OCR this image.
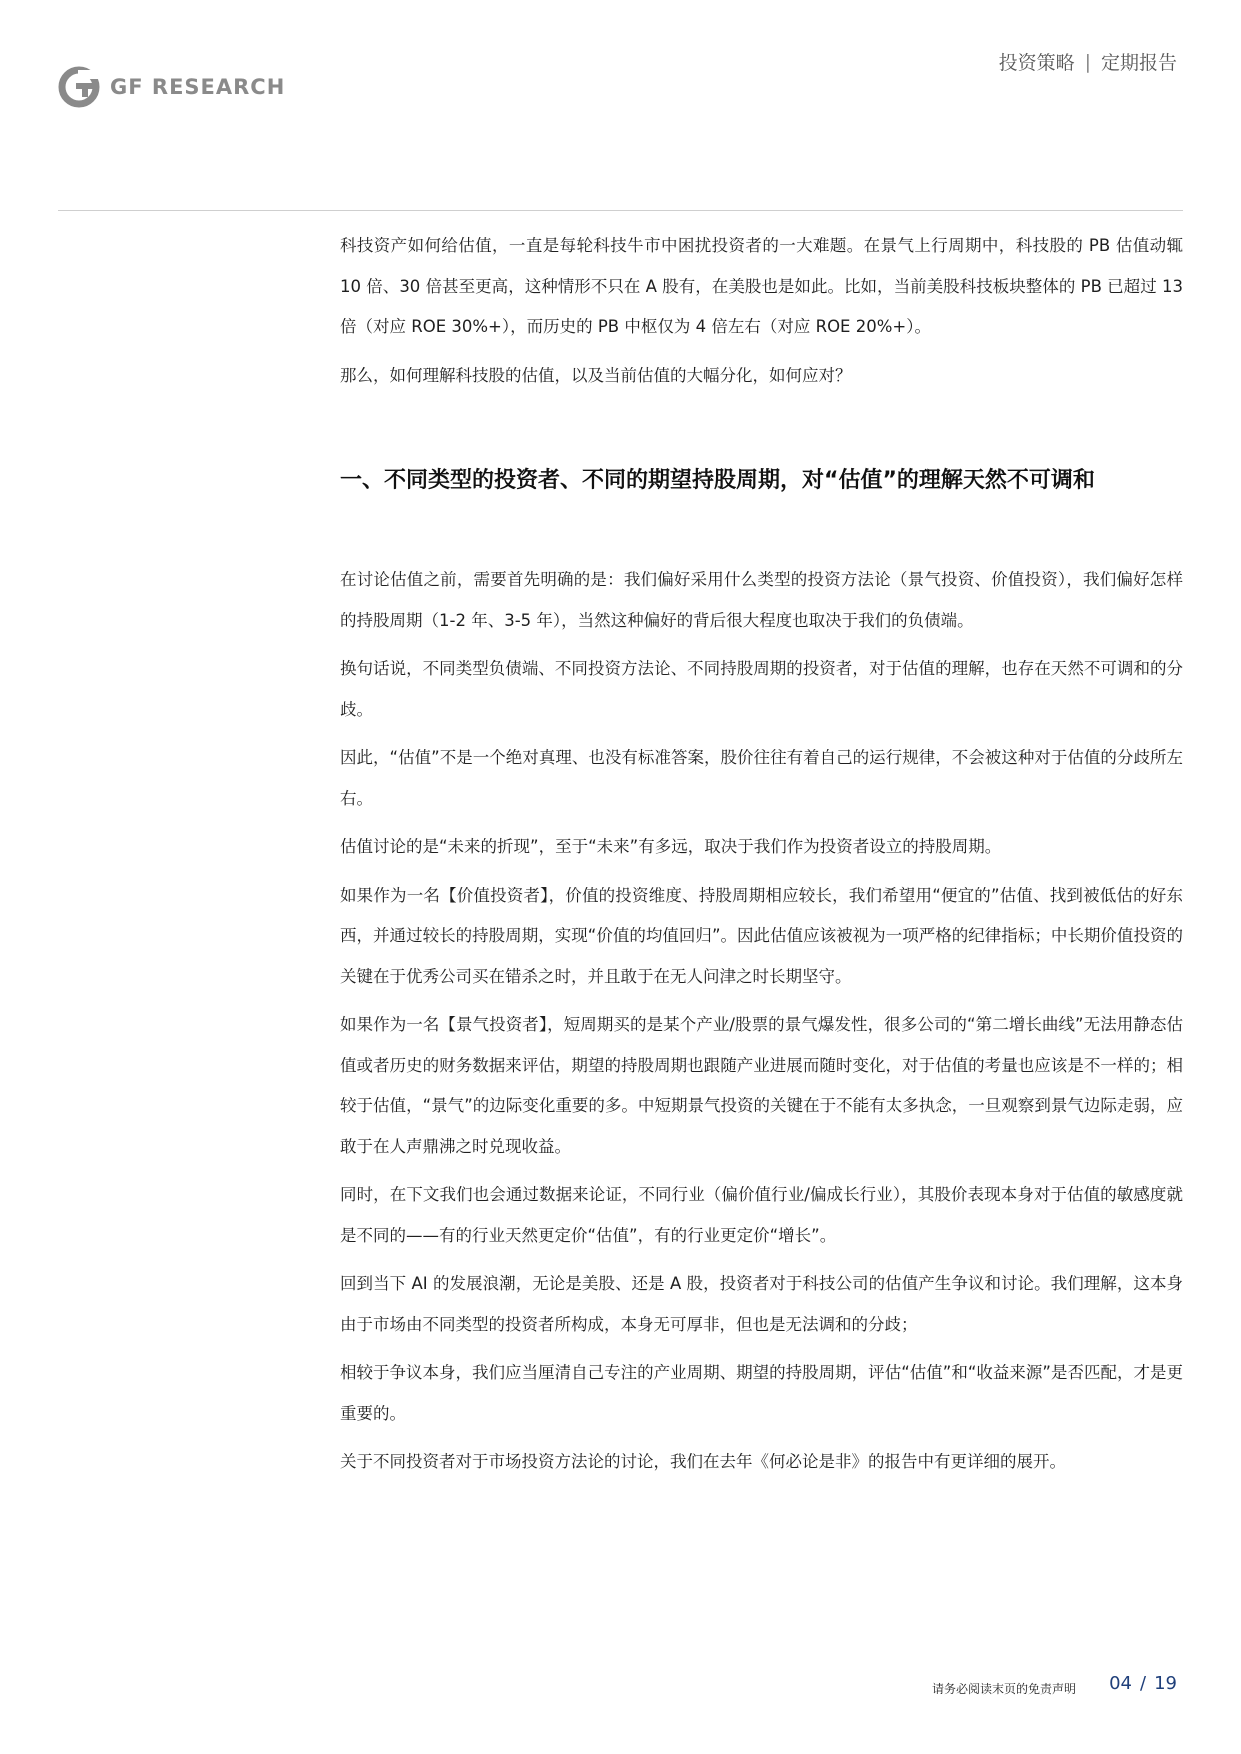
GF RESEARCH
投资策略 | 定期报告

科技资产如何给估值，一直是每轮科技牛市中困扰投资者的一大难题。在景气上行周期中，科技股的 PB 估值动辄 10 倍、30 倍甚至更高，这种情形不只在 A 股有，在美股也是如此。比如，当前美股科技板块整体的 PB 已超过 13 倍（对应 ROE 30%+），而历史的 PB 中枢仅为 4 倍左右（对应 ROE 20%+）。

那么，如何理解科技股的估值，以及当前估值的大幅分化，如何应对？

一、不同类型的投资者、不同的期望持股周期，对“估值”的理解天然不可调和

在讨论估值之前，需要首先明确的是：我们偏好采用什么类型的投资方法论（景气投资、价值投资），我们偏好怎样的持股周期（1-2 年、3-5 年），当然这种偏好的背后很大程度也取决于我们的负债端。

换句话说，不同类型负债端、不同投资方法论、不同持股周期的投资者，对于估值的理解，也存在天然不可调和的分歧。

因此，“估值”不是一个绝对真理、也没有标准答案，股价往往有着自己的运行规律，不会被这种对于估值的分歧所左右。

估值讨论的是“未来的折现”，至于“未来”有多远，取决于我们作为投资者设立的持股周期。

如果作为一名【价值投资者】，价值的投资维度、持股周期相应较长，我们希望用“便宜的”估值、找到被低估的好东西，并通过较长的持股周期，实现“价值的均值回归”。因此估值应该被视为一项严格的纪律指标；中长期价值投资的关键在于优秀公司买在错杀之时，并且敢于在无人问津之时长期坚守。

如果作为一名【景气投资者】，短周期买的是某个产业/股票的景气爆发性，很多公司的“第二增长曲线”无法用静态估值或者历史的财务数据来评估，期望的持股周期也跟随产业进展而随时变化，对于估值的考量也应该是不一样的；相较于估值，“景气”的边际变化重要的多。中短期景气投资的关键在于不能有太多执念，一旦观察到景气边际走弱，应敢于在人声鼎沸之时兑现收益。

同时，在下文我们也会通过数据来论证，不同行业（偏价值行业/偏成长行业），其股价表现本身对于估值的敏感度就是不同的——有的行业天然更定价“估值”，有的行业更定价“增长”。

回到当下 AI 的发展浪潮，无论是美股、还是 A 股，投资者对于科技公司的估值产生争议和讨论。我们理解，这本身由于市场由不同类型的投资者所构成，本身无可厚非，但也是无法调和的分歧；

相较于争议本身，我们应当厘清自己专注的产业周期、期望的持股周期，评估“估值”和“收益来源”是否匹配，才是更重要的。

关于不同投资者对于市场投资方法论的讨论，我们在去年《何必论是非》的报告中有更详细的展开。

请务必阅读末页的免责声明 04 / 19
